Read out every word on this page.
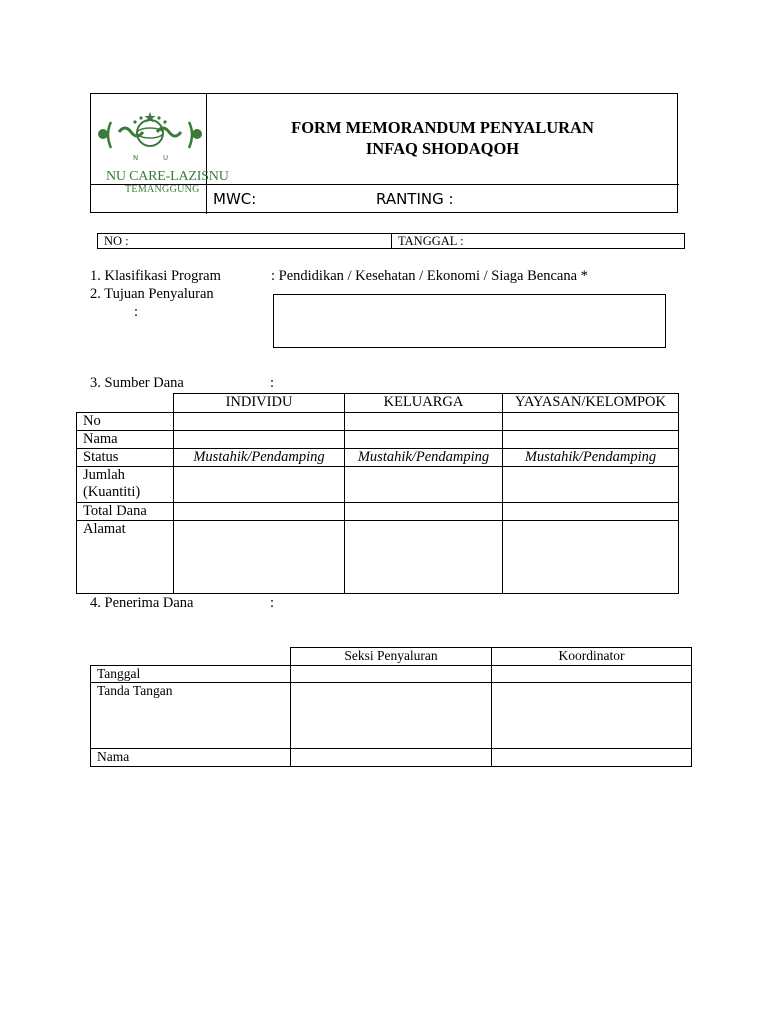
N	U
NU CARE-LAZISNU
TEMANGGUNG
FORM MEMORANDUM PENYALURAN
INFAQ SHODAQOH
MWC:	RANTING :
NO :	TANGGAL :
1. Klasifikasi Program	: Pendidikan / Kesehatan / Ekonomi / Siaga Bencana *
2. Tujuan Penyaluran
:
3. Sumber Dana	:
	INDIVIDU	KELUARGA	YAYASAN/KELOMPOK
No			
Nama			
Status	Mustahik/Pendamping	Mustahik/Pendamping	Mustahik/Pendamping
Jumlah (Kuantiti)			
Total Dana			
Alamat			
4. Penerima Dana	:
	Seksi Penyaluran	Koordinator
Tanggal		
Tanda Tangan		
Nama		
